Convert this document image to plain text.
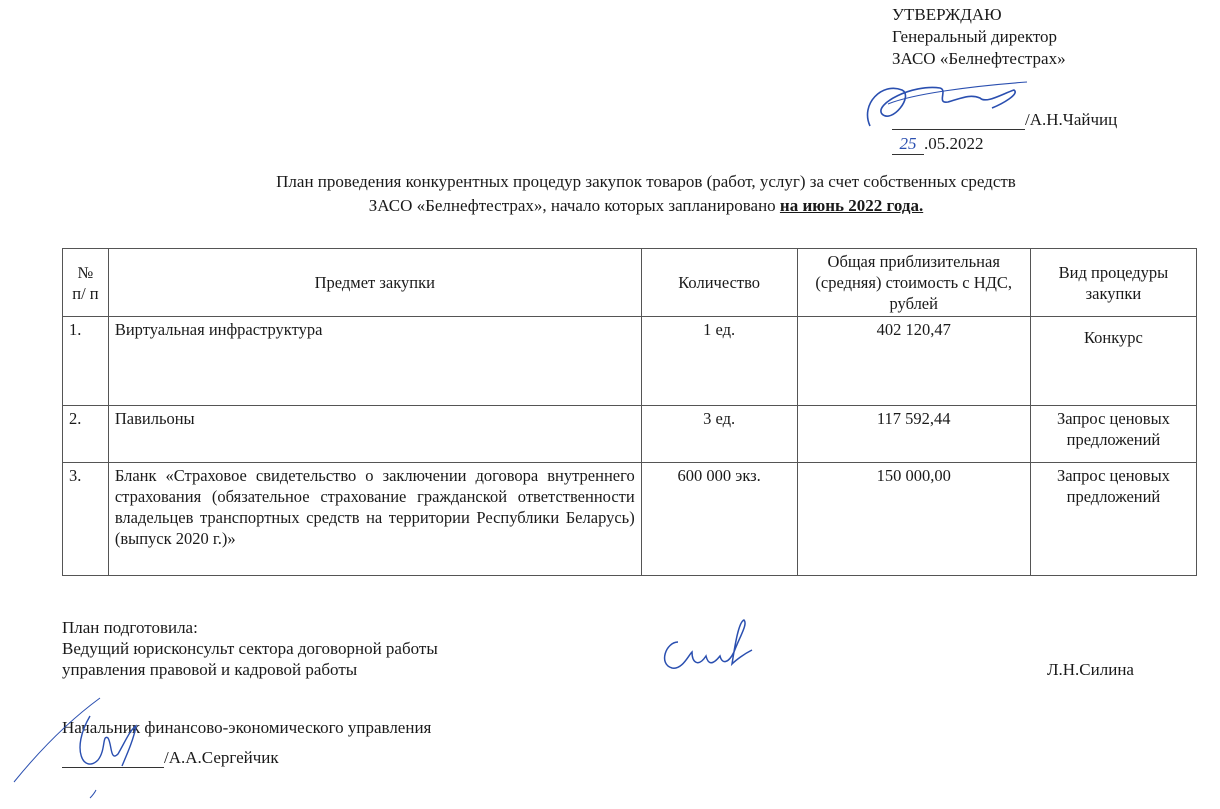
УТВЕРЖДАЮ
Генеральный директор
ЗАСО «Белнефтестрах»
/А.Н.Чайчиц
25 .05.2022
План проведения конкурентных процедур закупок товаров (работ, услуг) за счет собственных средств
ЗАСО «Белнефтестрах», начало которых запланировано на июнь 2022 года.
№ п/ п	Предмет закупки	Количество	Общая приблизительная (средняя) стоимость с НДС, рублей	Вид процедуры закупки
1.	Виртуальная инфраструктура	1 ед.	402 120,47	Конкурс
2.	Павильоны	3 ед.	117 592,44	Запрос ценовых предложений
3.	Бланк «Страховое свидетельство о заключении договора внутреннего страхования (обязательное страхование гражданской ответственности владельцев транспортных средств на территории Республики Беларусь) (выпуск 2020 г.)»	600 000 экз.	150 000,00	Запрос ценовых предложений
План подготовила:
Ведущий юрисконсульт сектора договорной работы
управления правовой и кадровой работы	Л.Н.Силина
Начальник финансово-экономического управления
/А.А.Сергейчик
